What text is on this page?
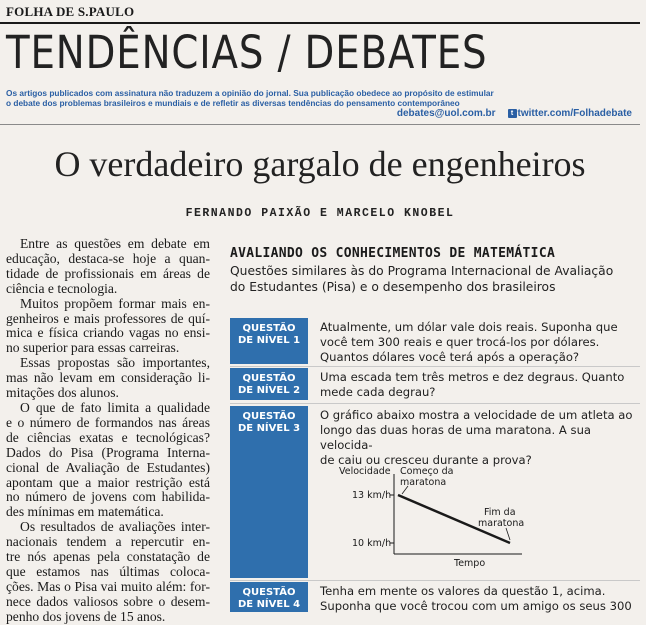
FOLHA DE S.PAULO
TENDÊNCIAS / DEBATES
Os artigos publicados com assinatura não traduzem a opinião do jornal. Sua publicação obedece ao propósito de estimular
o debate dos problemas brasileiros e mundiais e de refletir as diversas tendências do pensamento contemporâneo
debates@uol.com.br	t twitter.com/Folhadebate
O verdadeiro gargalo de engenheiros
FERNANDO PAIXÃO E MARCELO KNOBEL
Entre as questões em debate em
educação, destaca-se hoje a quan-
tidade de profissionais em áreas de
ciência e tecnologia.
Muitos propõem formar mais en-
genheiros e mais professores de quí-
mica e física criando vagas no ensi-
no superior para essas carreiras.
Essas propostas são importantes,
mas não levam em consideração li-
mitações dos alunos.
O que de fato limita a qualidade
e o número de formandos nas áreas
de ciências exatas e tecnológicas?
Dados do Pisa (Programa Interna-
cional de Avaliação de Estudantes)
apontam que a maior restrição está
no número de jovens com habilida-
des mínimas em matemática.
Os resultados de avaliações inter-
nacionais tendem a repercutir en-
tre nós apenas pela constatação de
que estamos nas últimas coloca-
ções. Mas o Pisa vai muito além: for-
nece dados valiosos sobre o desem-
penho dos jovens de 15 anos.
AVALIANDO OS CONHECIMENTOS DE MATEMÁTICA
Questões similares às do Programa Internacional de Avaliação
do Estudantes (Pisa) e o desempenho dos brasileiros
QUESTÃO
DE NÍVEL 1
Atualmente, um dólar vale dois reais. Suponha que
você tem 300 reais e quer trocá-los por dólares.
Quantos dólares você terá após a operação?
QUESTÃO
DE NÍVEL 2
Uma escada tem três metros e dez degraus. Quanto
mede cada degrau?
QUESTÃO
DE NÍVEL 3
O gráfico abaixo mostra a velocidade de um atleta ao
longo das duas horas de uma maratona. A sua velocida-
de caiu ou cresceu durante a prova?
QUESTÃO
DE NÍVEL 4
Tenha em mente os valores da questão 1, acima.
Suponha que você trocou com um amigo os seus 300
Velocidade
13 km/h
10 km/h
Tempo
Começo da
maratona
Fim da
maratona
